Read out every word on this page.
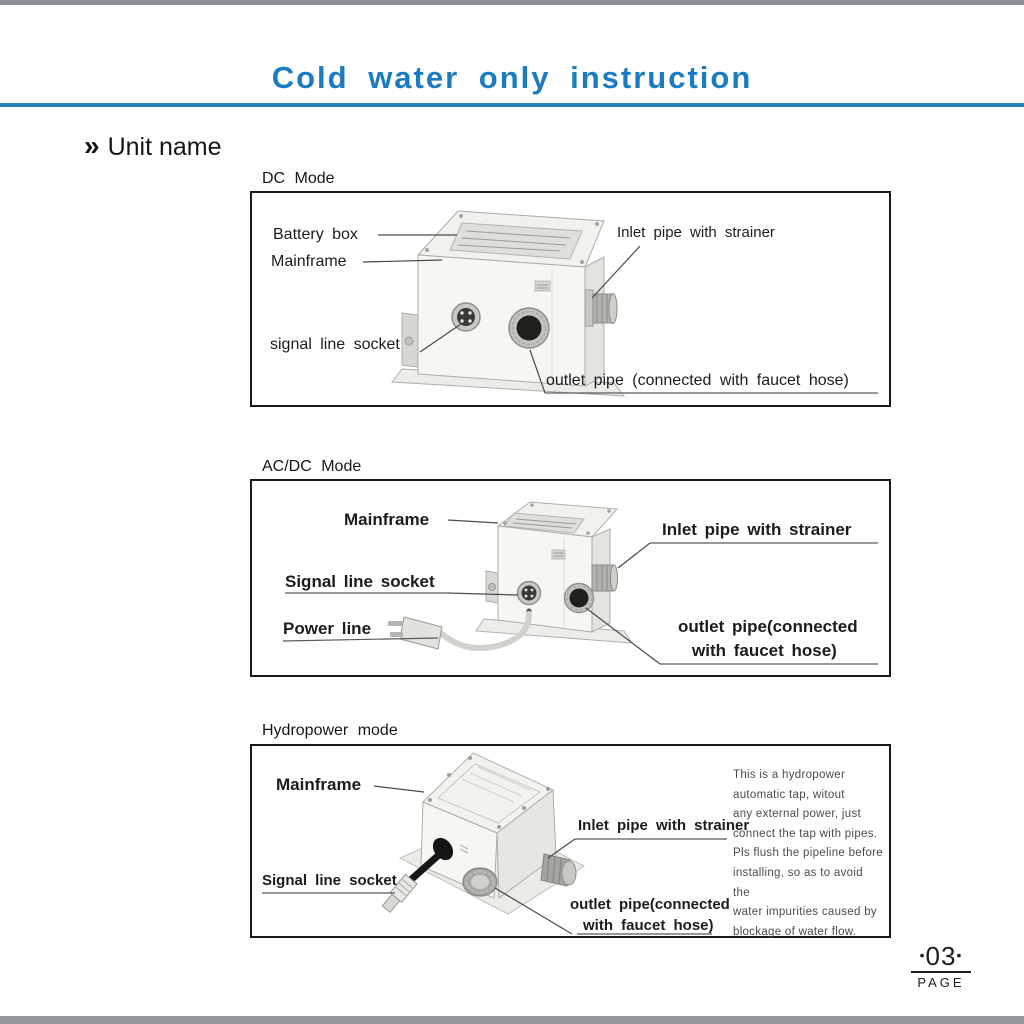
Cold water only instruction
» Unit name
DC Mode
Battery box
Mainframe
signal line socket
Inlet pipe with strainer
outlet pipe (connected with faucet hose)
AC/DC Mode
Mainframe
Signal line socket
Power line
Inlet pipe with strainer
outlet pipe(connected
with faucet hose)
Hydropower mode
Mainframe
Signal line socket
Inlet pipe with strainer
outlet pipe(connected
with faucet hose)
This is a hydropower
automatic tap, witout
any external power, just
connect the tap with pipes.
Pls flush the pipeline before
installing, so as to avoid the
water impurities caused by
blockage of water flow.
•03•
PAGE
